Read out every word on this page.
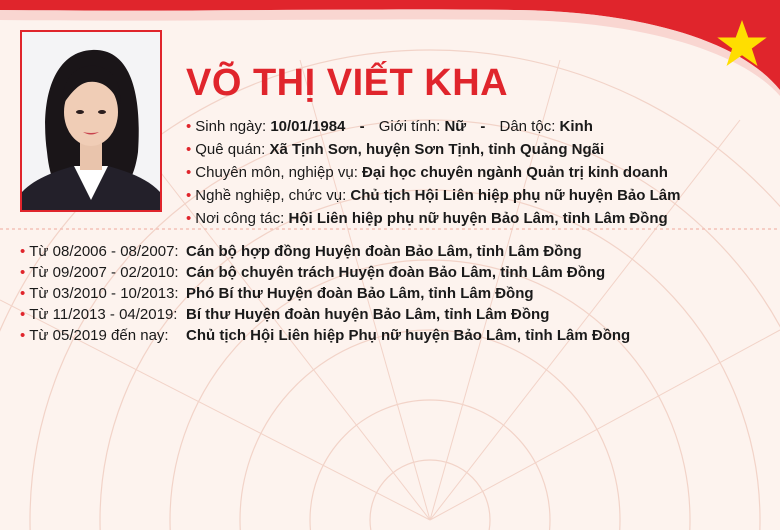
VÕ THỊ VIẾT KHA
• Sinh ngày: 10/01/1984 - Giới tính: Nữ - Dân tộc: Kinh
• Quê quán: Xã Tịnh Sơn, huyện Sơn Tịnh, tỉnh Quảng Ngãi
• Chuyên môn, nghiệp vụ: Đại học chuyên ngành Quản trị kinh doanh
• Nghề nghiệp, chức vụ: Chủ tịch Hội Liên hiệp phụ nữ huyện Bảo Lâm
• Nơi công tác: Hội Liên hiệp phụ nữ huyện Bảo Lâm, tỉnh Lâm Đồng
• Từ 08/2006 - 08/2007: Cán bộ hợp đồng Huyện đoàn Bảo Lâm, tỉnh Lâm Đồng
• Từ 09/2007 - 02/2010: Cán bộ chuyên trách Huyện đoàn Bảo Lâm, tỉnh Lâm Đồng
• Từ 03/2010 - 10/2013: Phó Bí thư Huyện đoàn Bảo Lâm, tỉnh Lâm Đồng
• Từ 11/2013 - 04/2019: Bí thư Huyện đoàn huyện Bảo Lâm, tỉnh Lâm Đồng
• Từ 05/2019 đến nay:	Chủ tịch Hội Liên hiệp Phụ nữ huyện Bảo Lâm, tỉnh Lâm Đồng
